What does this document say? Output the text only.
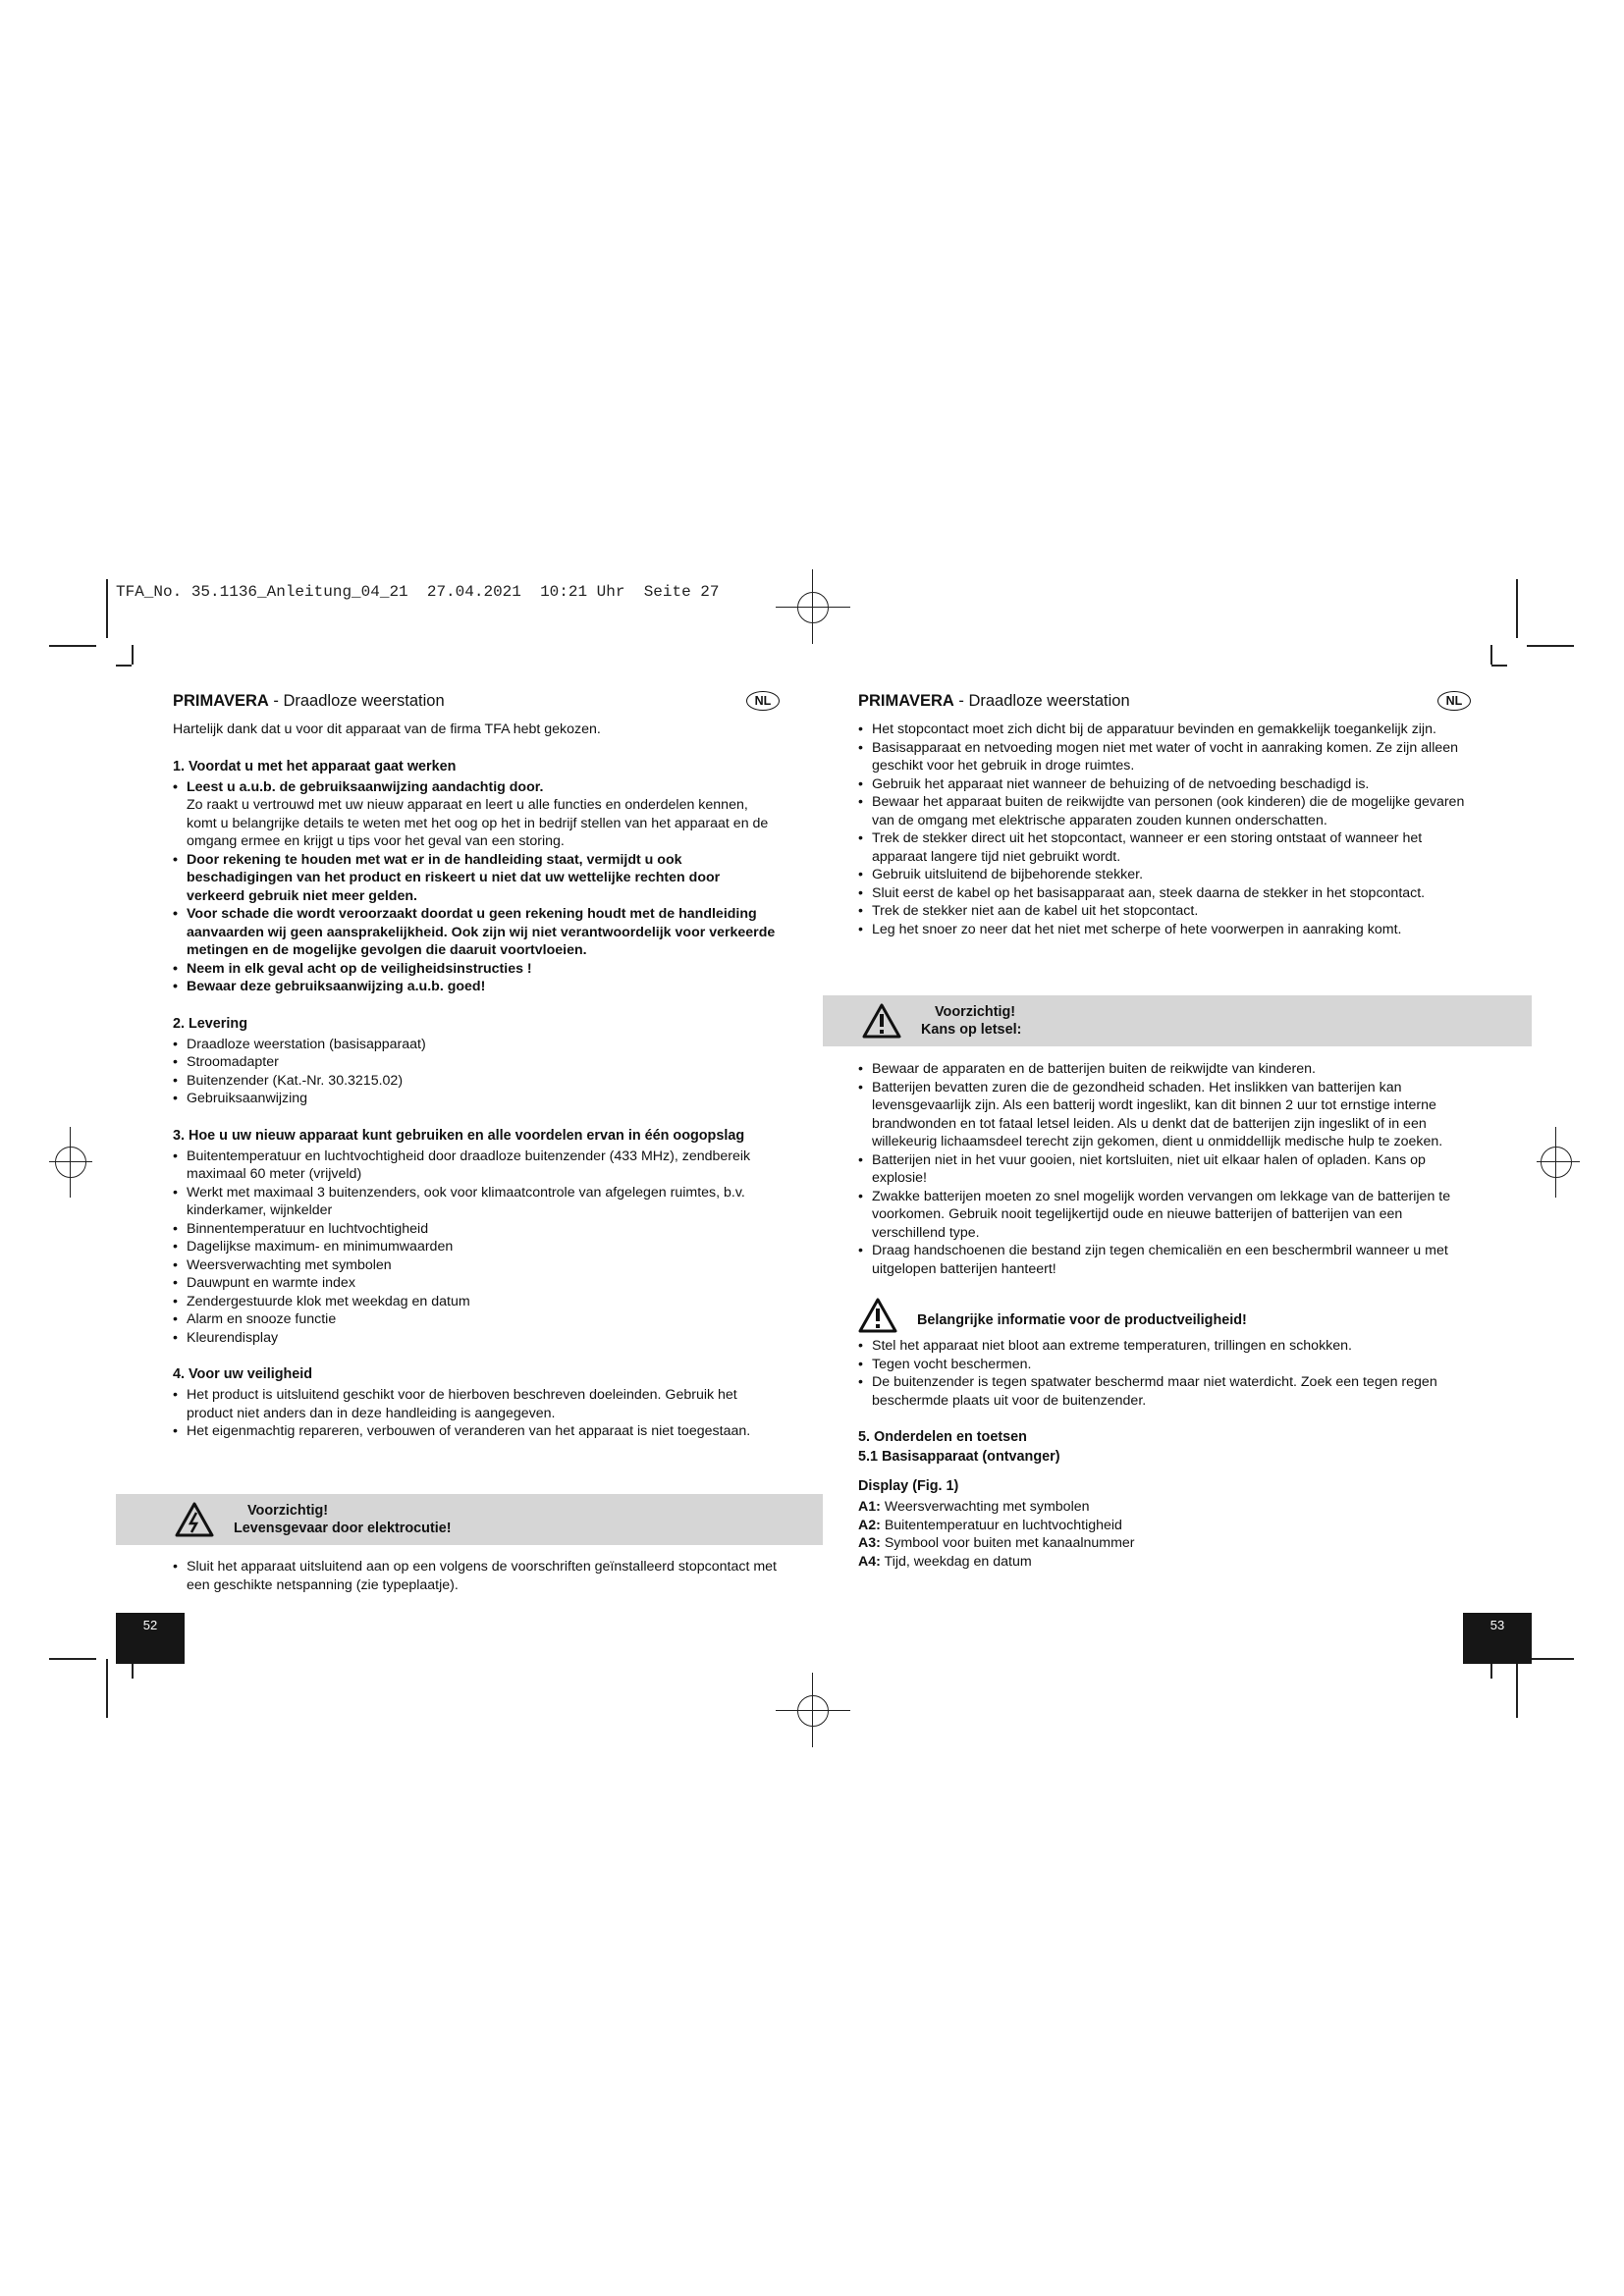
TFA_No. 35.1136_Anleitung_04_21  27.04.2021  10:21 Uhr  Seite 27
PRIMAVERA - Draadloze weerstation	NL
Hartelijk dank dat u voor dit apparaat van de firma TFA hebt gekozen.
1. Voordat u met het apparaat gaat werken
• Leest u a.u.b. de gebruiksaanwijzing aandachtig door.
Zo raakt u vertrouwd met uw nieuw apparaat en leert u alle functies en onderdelen kennen, komt u belangrijke details te weten met het oog op het in bedrijf stellen van het apparaat en de omgang ermee en krijgt u tips voor het geval van een storing.
• Door rekening te houden met wat er in de handleiding staat, vermijdt u ook beschadigingen van het product en riskeert u niet dat uw wettelijke rechten door verkeerd gebruik niet meer gelden.
• Voor schade die wordt veroorzaakt doordat u geen rekening houdt met de handleiding aanvaarden wij geen aansprakelijkheid. Ook zijn wij niet verantwoordelijk voor verkeerde metingen en de mogelijke gevolgen die daaruit voortvloeien.
• Neem in elk geval acht op de veiligheidsinstructies !
• Bewaar deze gebruiksaanwijzing a.u.b. goed!
2. Levering
• Draadloze weerstation (basisapparaat)
• Stroomadapter
• Buitenzender (Kat.-Nr. 30.3215.02)
• Gebruiksaanwijzing
3. Hoe u uw nieuw apparaat kunt gebruiken en alle voordelen ervan in één oogopslag
• Buitentemperatuur en luchtvochtigheid door draadloze buitenzender (433 MHz), zendbereik maximaal 60 meter (vrijveld)
• Werkt met maximaal 3 buitenzenders, ook voor klimaatcontrole van afgelegen ruimtes, b.v. kinderkamer, wijnkelder
• Binnentemperatuur en luchtvochtigheid
• Dagelijkse maximum- en minimumwaarden
• Weersverwachting met symbolen
• Dauwpunt en warmte index
• Zendergestuurde klok met weekdag en datum
• Alarm en snooze functie
• Kleurendisplay
4. Voor uw veiligheid
• Het product is uitsluitend geschikt voor de hierboven beschreven doeleinden. Gebruik het product niet anders dan in deze handleiding is aangegeven.
• Het eigenmachtig repareren, verbouwen of veranderen van het apparaat is niet toegestaan.
Voorzichtig!
Levensgevaar door elektrocutie!
• Sluit het apparaat uitsluitend aan op een volgens de voorschriften geïnstalleerd stopcontact met een geschikte netspanning (zie typeplaatje).
52
PRIMAVERA - Draadloze weerstation	NL
• Het stopcontact moet zich dicht bij de apparatuur bevinden en gemakkelijk toegankelijk zijn.
• Basisapparaat en netvoeding mogen niet met water of vocht in aanraking komen. Ze zijn alleen geschikt voor het gebruik in droge ruimtes.
• Gebruik het apparaat niet wanneer de behuizing of de netvoeding beschadigd is.
• Bewaar het apparaat buiten de reikwijdte van personen (ook kinderen) die de mogelijke gevaren van de omgang met elektrische apparaten zouden kunnen onderschatten.
• Trek de stekker direct uit het stopcontact, wanneer er een storing ontstaat of wanneer het apparaat langere tijd niet gebruikt wordt.
• Gebruik uitsluitend de bijbehorende stekker.
• Sluit eerst de kabel op het basisapparaat aan, steek daarna de stekker in het stopcontact.
• Trek de stekker niet aan de kabel uit het stopcontact.
• Leg het snoer zo neer dat het niet met scherpe of hete voorwerpen in aanraking komt.
Voorzichtig!
Kans op letsel:
• Bewaar de apparaten en de batterijen buiten de reikwijdte van kinderen.
• Batterijen bevatten zuren die de gezondheid schaden. Het inslikken van batterijen kan levensgevaarlijk zijn. Als een batterij wordt ingeslikt, kan dit binnen 2 uur tot ernstige interne brandwonden en tot fataal letsel leiden. Als u denkt dat de batterijen zijn ingeslikt of in een willekeurig lichaamsdeel terecht zijn gekomen, dient u onmiddellijk medische hulp te zoeken.
• Batterijen niet in het vuur gooien, niet kortsluiten, niet uit elkaar halen of opladen. Kans op explosie!
• Zwakke batterijen moeten zo snel mogelijk worden vervangen om lekkage van de batterijen te voorkomen. Gebruik nooit tegelijkertijd oude en nieuwe batterijen of batterijen van een verschillend type.
• Draag handschoenen die bestand zijn tegen chemicaliën en een beschermbril wanneer u met uitgelopen batterijen hanteert!
Belangrijke informatie voor de productveiligheid!
• Stel het apparaat niet bloot aan extreme temperaturen, trillingen en schokken.
• Tegen vocht beschermen.
• De buitenzender is tegen spatwater beschermd maar niet waterdicht. Zoek een tegen regen beschermde plaats uit voor de buitenzender.
5. Onderdelen en toetsen
5.1 Basisapparaat (ontvanger)
Display (Fig. 1)
A1: Weersverwachting met symbolen
A2: Buitentemperatuur en luchtvochtigheid
A3: Symbool voor buiten met kanaalnummer
A4: Tijd, weekdag en datum
53
